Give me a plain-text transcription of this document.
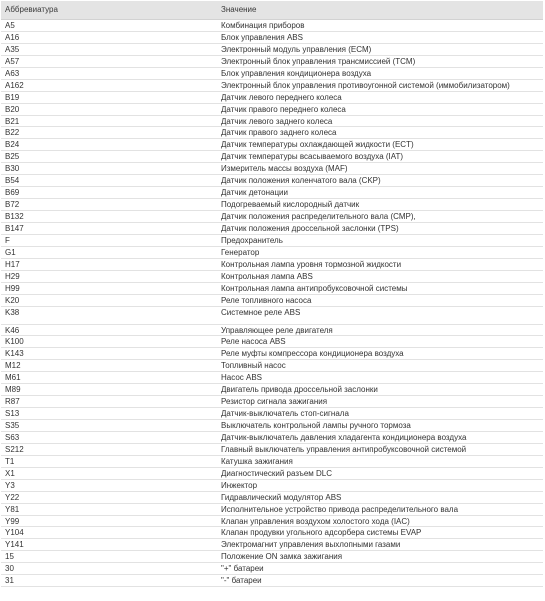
Аббревиатура	Значение
A5	Комбинация приборов
A16	Блок управления ABS
A35	Электронный модуль управления (ECM)
A57	Электронный блок управления трансмиссией (TCM)
A63	Блок управления кондиционера воздуха
A162	Электронный блок управления противоугонной системой (иммобилизатором)
B19	Датчик левого переднего колеса
B20	Датчик правого переднего колеса
B21	Датчик левого заднего колеса
B22	Датчик правого заднего колеса
B24	Датчик температуры охлаждающей жидкости (ECT)
B25	Датчик температуры всасываемого воздуха (IAT)
B30	Измеритель массы воздуха (MAF)
B54	Датчик положения коленчатого вала (CKP)
B69	Датчик детонации
B72	Подогреваемый кислородный датчик
B132	Датчик положения распределительного вала (CMP),
B147	Датчик положения дроссельной заслонки (TPS)
F	Предохранитель
G1	Генератор
H17	Контрольная лампа уровня тормозной жидкости
H29	Контрольная лампа ABS
H99	Контрольная лампа антипробуксовочной системы
K20	Реле топливного насоса
K38	Системное реле ABS
K46	Управляющее реле двигателя
K100	Реле насоса ABS
K143	Реле муфты компрессора кондиционера воздуха
M12	Топливный насос
M61	Насос ABS
M89	Двигатель привода дроссельной заслонки
R87	Резистор сигнала зажигания
S13	Датчик-выключатель стоп-сигнала
S35	Выключатель контрольной лампы ручного тормоза
S63	Датчик-выключатель давления хладагента кондиционера воздуха
S212	Главный выключатель управления антипробуксовочной системой
T1	Катушка зажигания
X1	Диагностический разъем DLC
Y3	Инжектор
Y22	Гидравлический модулятор ABS
Y81	Исполнительное устройство привода распределительного вала
Y99	Клапан управления воздухом холостого хода (IAC)
Y104	Клапан продувки угольного адсорбера системы EVAP
Y141	Электромагнит управления выхлопными газами
15	Положение ON замка зажигания
30	"+" батареи
31	"-" батареи
